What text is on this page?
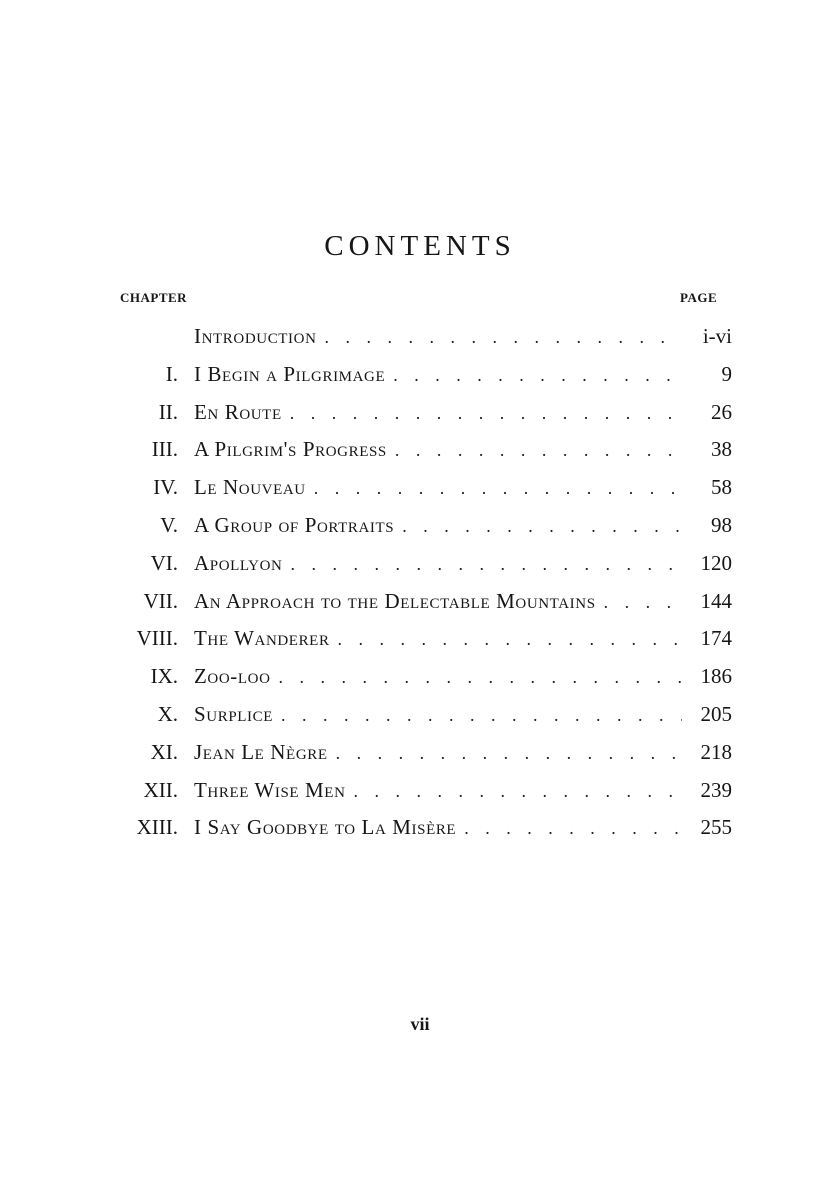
CONTENTS
CHAPTER	PAGE
Introduction . . .	i-vi
I. I Begin a Pilgrimage . . .	9
II. En Route . . .	26
III. A Pilgrim's Progress . . .	38
IV. Le Nouveau . . .	58
V. A Group of Portraits . . .	98
VI. Apollyon . . .	120
VII. An Approach to the Delectable Mountains . . .	144
VIII. The Wanderer . . .	174
IX. Zoo-loo . . .	186
X. Surplice . . .	205
XI. Jean Le Nègre . . .	218
XII. Three Wise Men . . .	239
XIII. I Say Goodbye to La Misère . . .	255
vii
